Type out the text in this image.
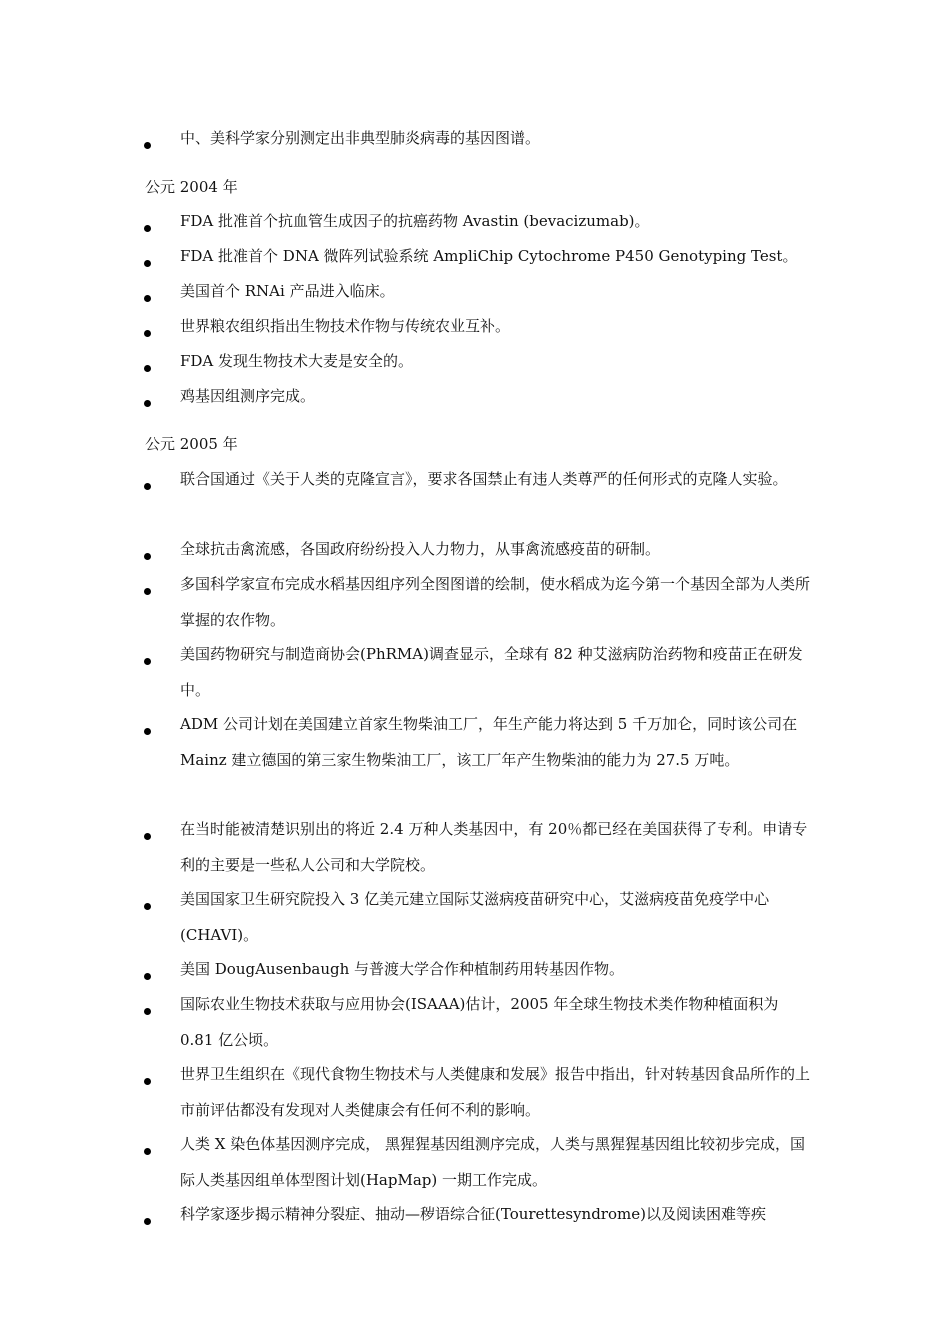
中、美科学家分别测定出非典型肺炎病毒的基因图谱。
公元 2004 年
FDA 批准首个抗血管生成因子的抗癌药物 Avastin (bevacizumab)。
FDA 批准首个 DNA 微阵列试验系统 AmpliChip Cytochrome P450 Genotyping Test。
美国首个 RNAi 产品进入临床。
世界粮农组织指出生物技术作物与传统农业互补。
FDA 发现生物技术大麦是安全的。
鸡基因组测序完成。
公元 2005 年
联合国通过《关于人类的克隆宣言》，要求各国禁止有违人类尊严的任何形式的克隆人实验。
全球抗击禽流感，各国政府纷纷投入人力物力，从事禽流感疫苗的研制。
多国科学家宣布完成水稻基因组序列全图图谱的绘制，使水稻成为迄今第一个基因全部为人类所掌握的农作物。
美国药物研究与制造商协会(PhRMA)调查显示，全球有 82 种艾滋病防治药物和疫苗正在研发中。
ADM 公司计划在美国建立首家生物柴油工厂，年生产能力将达到 5 千万加仑，同时该公司在 Mainz 建立德国的第三家生物柴油工厂，该工厂年产生物柴油的能力为 27.5 万吨。
在当时能被清楚识别出的将近 2.4 万种人类基因中，有 20％都已经在美国获得了专利。申请专利的主要是一些私人公司和大学院校。
美国国家卫生研究院投入 3 亿美元建立国际艾滋病疫苗研究中心，艾滋病疫苗免疫学中心(CHAVI)。
美国 DougAusenbaugh 与普渡大学合作种植制药用转基因作物。
国际农业生物技术获取与应用协会(ISAAA)估计，2005 年全球生物技术类作物种植面积为 0.81 亿公顷。
世界卫生组织在《现代食物生物技术与人类健康和发展》报告中指出，针对转基因食品所作的上市前评估都没有发现对人类健康会有任何不利的影响。
人类 X 染色体基因测序完成， 黑猩猩基因组测序完成，人类与黑猩猩基因组比较初步完成，国际人类基因组单体型图计划(HapMap) 一期工作完成。
科学家逐步揭示精神分裂症、抽动—秽语综合征(Tourettesyndrome)以及阅读困难等疾
